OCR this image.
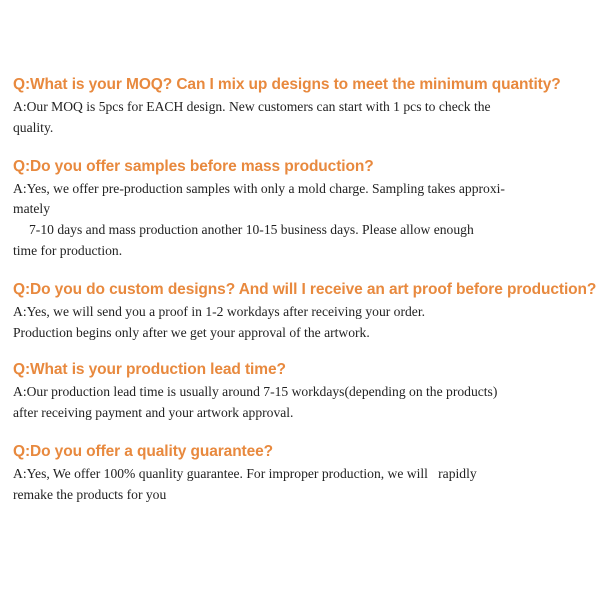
Q:What is your MOQ? Can I mix up designs to meet the minimum quantity?
A:Our MOQ is 5pcs for EACH design. New customers can start with 1 pcs to check the
quality.
Q:Do you offer samples before mass production?
A:Yes, we offer pre-production samples with only a mold charge. Sampling takes approxi-
mately
7-10 days and mass production another 10-15 business days. Please allow enough
time for production.
Q:Do you do custom designs? And will I receive an art proof before production?
A:Yes, we will send you a proof in 1-2 workdays after receiving your order.
Production begins only after we get your approval of the artwork.
Q:What is your production lead time?
A:Our production lead time is usually around 7-15 workdays(depending on the products)
after receiving payment and your artwork approval.
Q:Do you offer a quality guarantee?
A:Yes, We offer 100% quanlity guarantee. For improper production, we will   rapidly
remake the products for you
